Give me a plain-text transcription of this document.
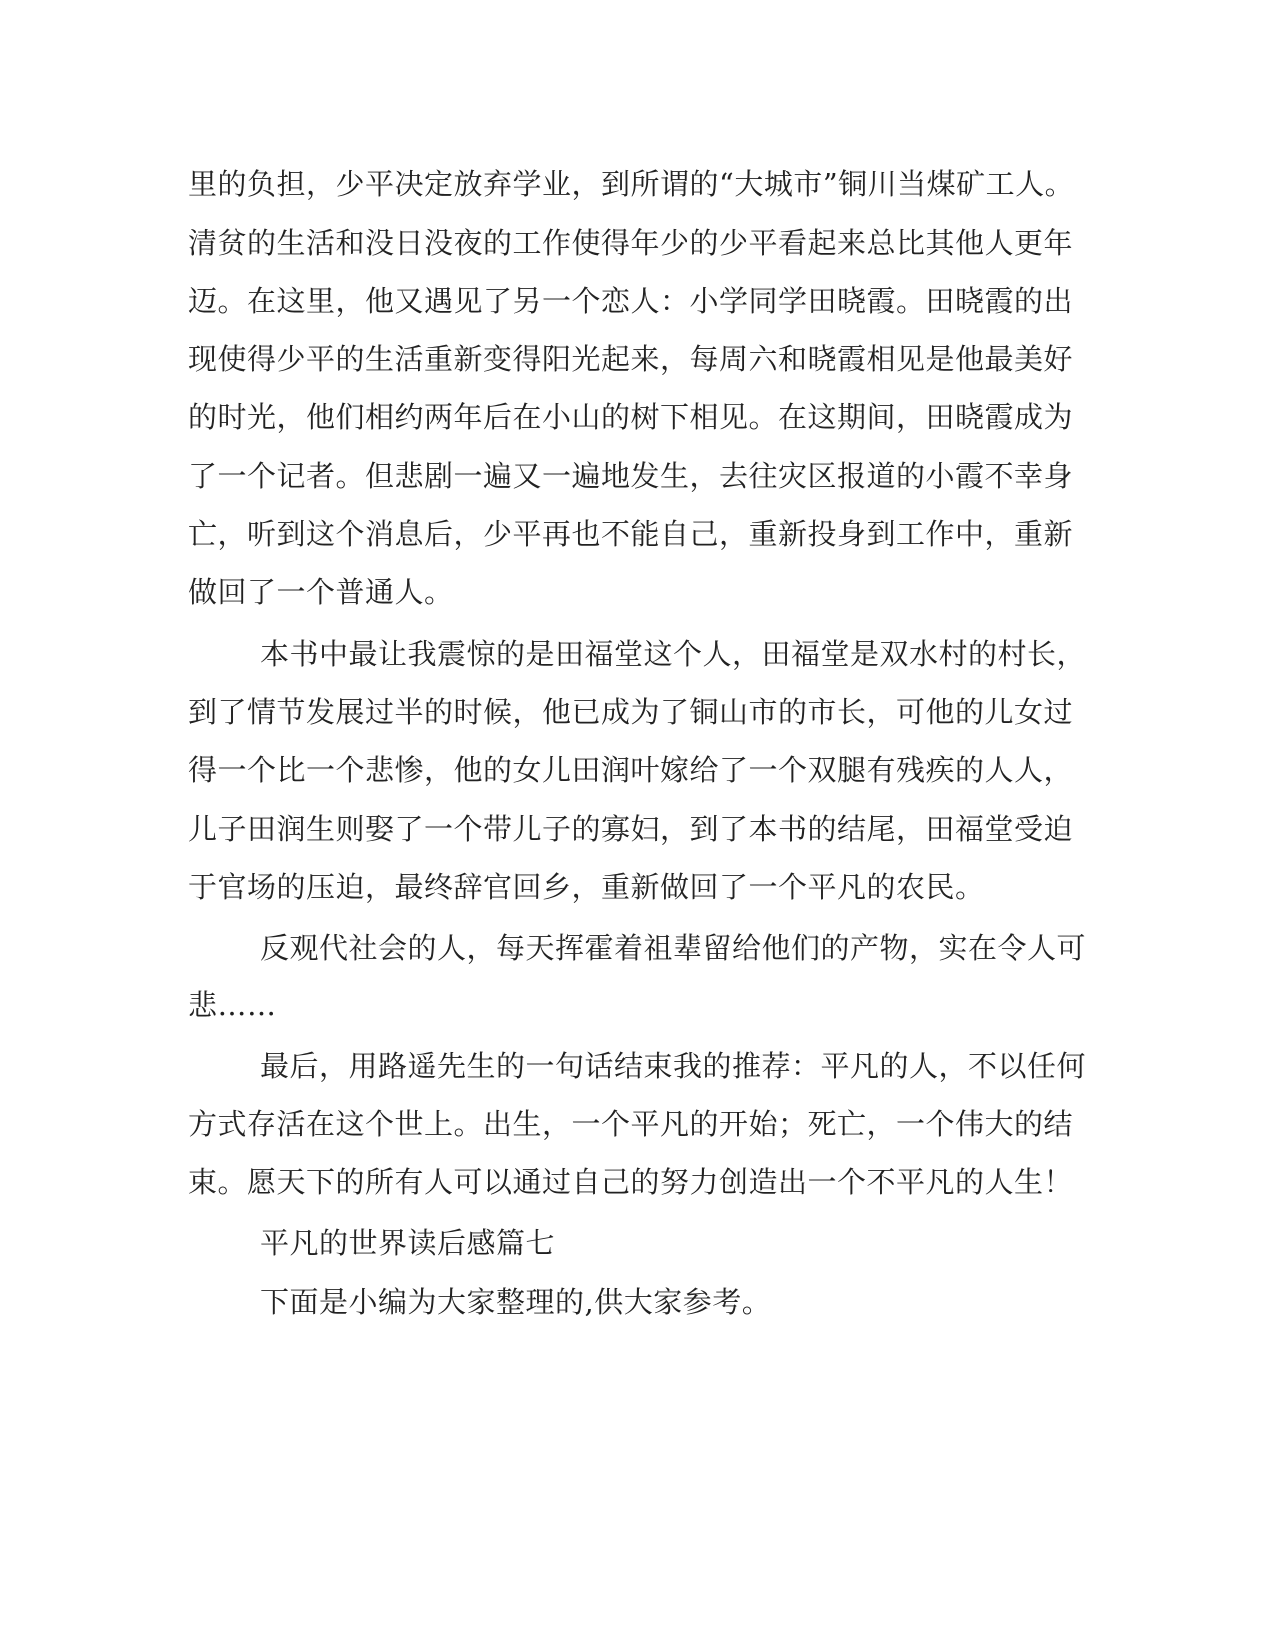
里的负担，少平决定放弃学业，到所谓的“大城市”铜川当煤矿工人。
清贫的生活和没日没夜的工作使得年少的少平看起来总比其他人更年
迈。在这里，他又遇见了另一个恋人：小学同学田晓霞。田晓霞的出
现使得少平的生活重新变得阳光起来，每周六和晓霞相见是他最美好
的时光，他们相约两年后在小山的树下相见。在这期间，田晓霞成为
了一个记者。但悲剧一遍又一遍地发生，去往灾区报道的小霞不幸身
亡，听到这个消息后，少平再也不能自己，重新投身到工作中，重新
做回了一个普通人。
本书中最让我震惊的是田福堂这个人，田福堂是双水村的村长，
到了情节发展过半的时候，他已成为了铜山市的市长，可他的儿女过
得一个比一个悲惨，他的女儿田润叶嫁给了一个双腿有残疾的人人，
儿子田润生则娶了一个带儿子的寡妇，到了本书的结尾，田福堂受迫
于官场的压迫，最终辞官回乡，重新做回了一个平凡的农民。
反观代社会的人，每天挥霍着祖辈留给他们的产物，实在令人可
悲……
最后，用路遥先生的一句话结束我的推荐：平凡的人，不以任何
方式存活在这个世上。出生，一个平凡的开始；死亡，一个伟大的结
束。愿天下的所有人可以通过自己的努力创造出一个不平凡的人生！
平凡的世界读后感篇七
下面是小编为大家整理的,供大家参考。
